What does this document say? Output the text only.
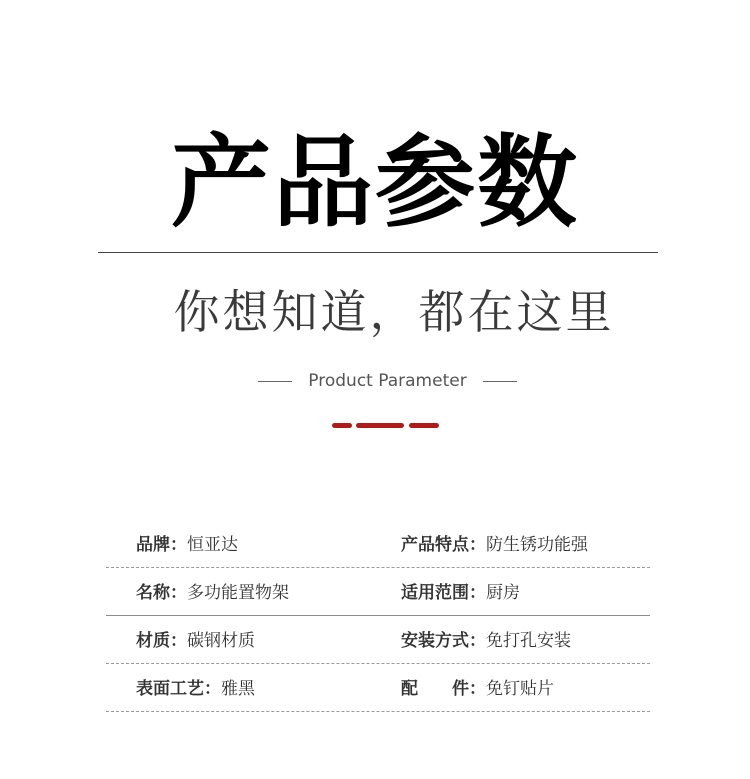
产品参数
你想知道，都在这里
Product Parameter
品牌：恒亚达	产品特点：防生锈功能强
名称：多功能置物架	适用范围：厨房
材质：碳钢材质	安装方式：免打孔安装
表面工艺：雅黑	配　　件：免钉贴片
